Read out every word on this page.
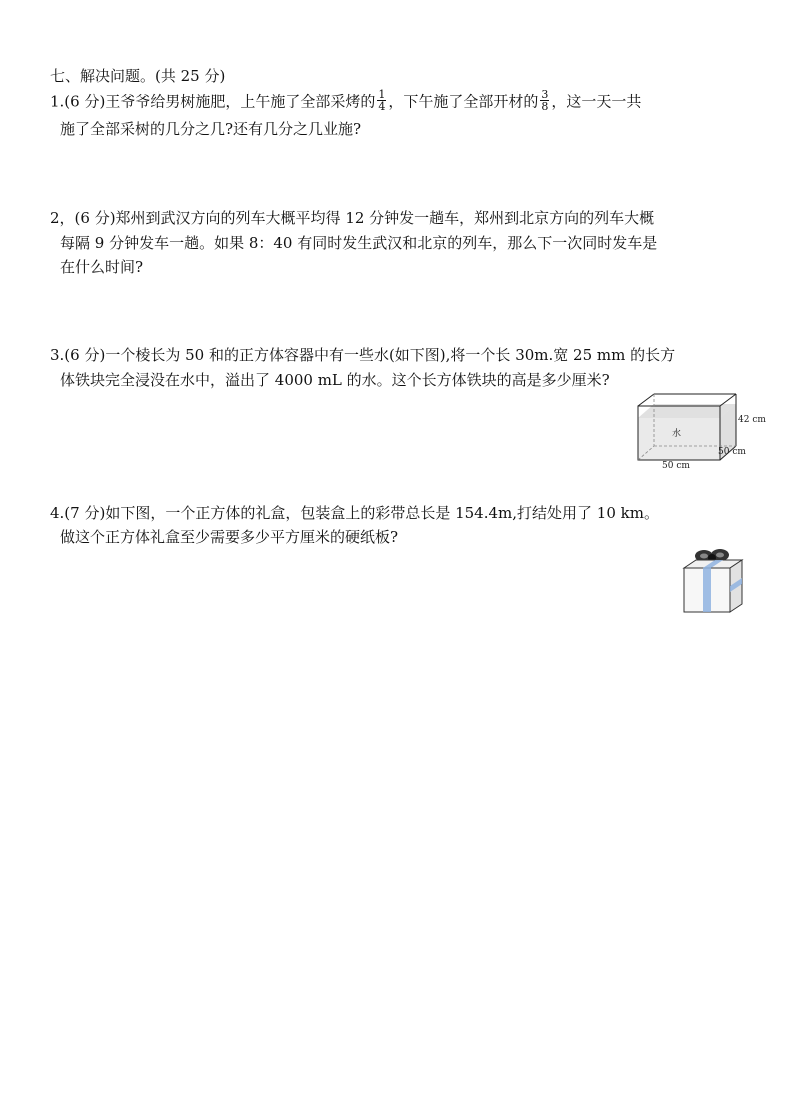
七、解决问题。(共 25 分)
1.(6 分)王爷爷给男树施肥，上午施了全部采烤的 $\frac{1}{4}$ ，下午施了全部开材的 $\frac{3}{8}$ ，这一天一共
施了全部采树的几分之几?还有几分之几业施?
2，(6 分)郑州到武汉方向的列车大概平均得 12 分钟发一趟车，郑州到北京方向的列车大概
每隔 9 分钟发车一趟。如果 8：40 有同时发生武汉和北京的列车，那么下一次同时发车是
在什么时间?
3.(6 分)一个棱长为 50 和的正方体容器中有一些水(如下图),将一个长 30m.宽 25 mm 的长方
体铁块完全浸没在水中，溢出了 4000 mL 的水。这个长方体铁块的高是多少厘米?
水
42 cm
50 cm
50 cm
4.(7 分)如下图，一个正方体的礼盒，包装盒上的彩带总长是 154.4m,打结处用了 10 km。
做这个正方体礼盒至少需要多少平方厘米的硬纸板?
